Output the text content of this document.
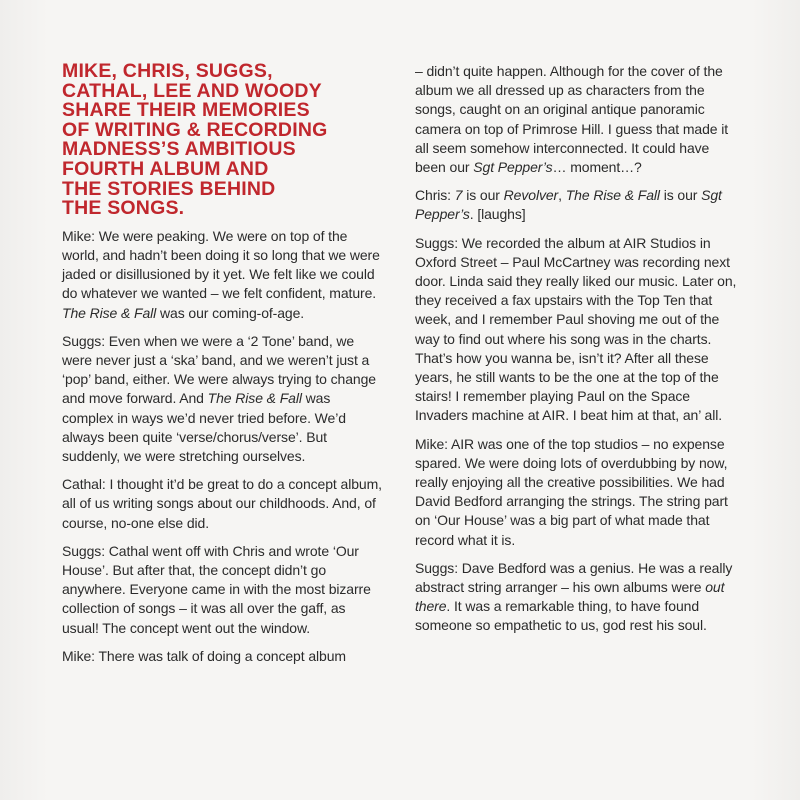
MIKE, CHRIS, SUGGS,
CATHAL, LEE AND WOODY
SHARE THEIR MEMORIES
OF WRITING & RECORDING
MADNESS’S AMBITIOUS
FOURTH ALBUM AND
THE STORIES BEHIND
THE SONGS.

Mike: We were peaking. We were on top of the world, and hadn’t been doing it so long that we were jaded or disillusioned by it yet. We felt like we could do whatever we wanted – we felt confident, mature. The Rise & Fall was our coming-of-age.

Suggs: Even when we were a ‘2 Tone’ band, we were never just a ‘ska’ band, and we weren’t just a ‘pop’ band, either. We were always trying to change and move forward. And The Rise & Fall was complex in ways we’d never tried before. We’d always been quite ‘verse/chorus/verse’. But suddenly, we were stretching ourselves.

Cathal: I thought it’d be great to do a concept album, all of us writing songs about our childhoods. And, of course, no-one else did.

Suggs: Cathal went off with Chris and wrote ‘Our House’. But after that, the concept didn’t go anywhere. Everyone came in with the most bizarre collection of songs – it was all over the gaff, as usual! The concept went out the window.

Mike: There was talk of doing a concept album

– didn’t quite happen. Although for the cover of the album we all dressed up as characters from the songs, caught on an original antique panoramic camera on top of Primrose Hill. I guess that made it all seem somehow interconnected. It could have been our Sgt Pepper’s… moment…?

Chris: 7 is our Revolver, The Rise & Fall is our Sgt Pepper’s. [laughs]

Suggs: We recorded the album at AIR Studios in Oxford Street – Paul McCartney was recording next door. Linda said they really liked our music. Later on, they received a fax upstairs with the Top Ten that week, and I remember Paul shoving me out of the way to find out where his song was in the charts. That’s how you wanna be, isn’t it? After all these years, he still wants to be the one at the top of the stairs! I remember playing Paul on the Space Invaders machine at AIR. I beat him at that, an’ all.

Mike: AIR was one of the top studios – no expense spared. We were doing lots of overdubbing by now, really enjoying all the creative possibilities. We had David Bedford arranging the strings. The string part on ‘Our House’ was a big part of what made that record what it is.

Suggs: Dave Bedford was a genius. He was a really abstract string arranger – his own albums were out there. It was a remarkable thing, to have found someone so empathetic to us, god rest his soul.
